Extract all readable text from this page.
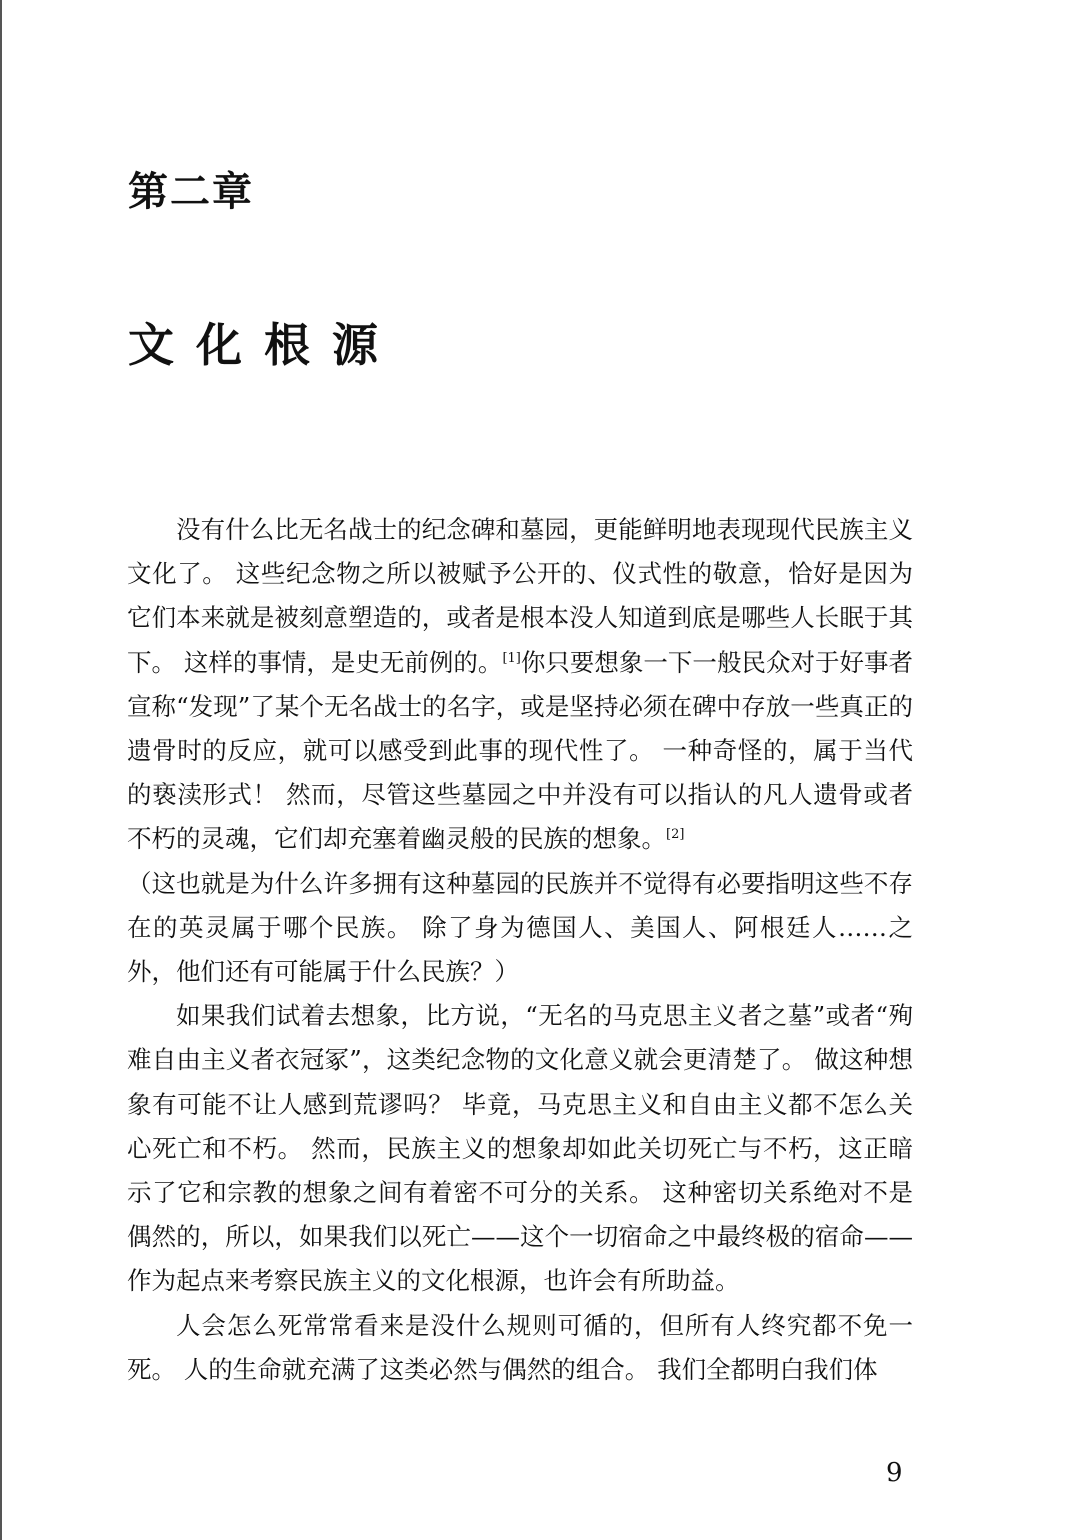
第二章
文化根源

没有什么比无名战士的纪念碑和墓园，更能鲜明地表现现代民族主义文化了。 这些纪念物之所以被赋予公开的、仪式性的敬意，恰好是因为它们本来就是被刻意塑造的，或者是根本没人知道到底是哪些人长眠于其下。 这样的事情，是史无前例的。[1]你只要想象一下一般民众对于好事者宣称“发现”了某个无名战士的名字，或是坚持必须在碑中存放一些真正的遗骨时的反应，就可以感受到此事的现代性了。 一种奇怪的，属于当代的亵渎形式！ 然而，尽管这些墓园之中并没有可以指认的凡人遗骨或者不朽的灵魂，它们却充塞着幽灵般的民族的想象。[2]

（这也就是为什么许多拥有这种墓园的民族并不觉得有必要指明这些不存在的英灵属于哪个民族。 除了身为德国人、美国人、阿根廷人……之外，他们还有可能属于什么民族？）

如果我们试着去想象，比方说，“无名的马克思主义者之墓”或者“殉难自由主义者衣冠冢”，这类纪念物的文化意义就会更清楚了。 做这种想象有可能不让人感到荒谬吗？ 毕竟，马克思主义和自由主义都不怎么关心死亡和不朽。 然而，民族主义的想象却如此关切死亡与不朽，这正暗示了它和宗教的想象之间有着密不可分的关系。 这种密切关系绝对不是偶然的，所以，如果我们以死亡——这个一切宿命之中最终极的宿命——作为起点来考察民族主义的文化根源，也许会有所助益。

人会怎么死常常看来是没什么规则可循的，但所有人终究都不免一死。 人的生命就充满了这类必然与偶然的组合。 我们全都明白我们体

9
